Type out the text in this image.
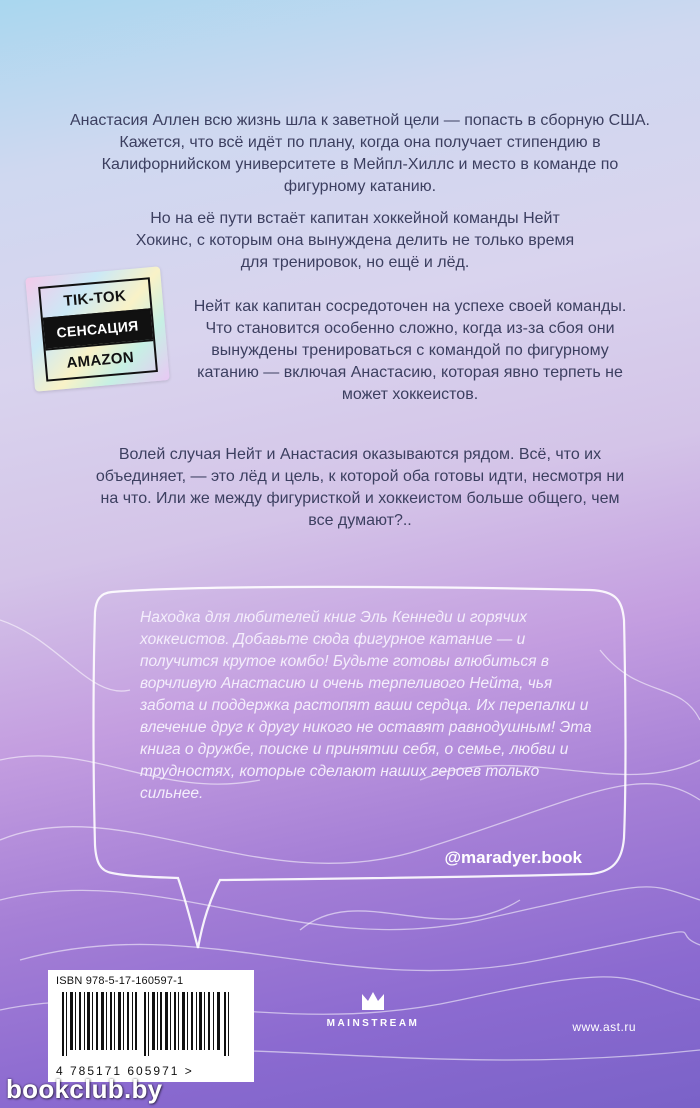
Анастасия Аллен всю жизнь шла к заветной цели — попасть в сборную США. Кажется, что всё идёт по плану, когда она получает стипендию в Калифорнийском университете в Мейпл-Хиллс и место в команде по фигурному катанию.

Но на её пути встаёт капитан хоккейной команды Нейт Хокинс, с которым она вынуждена делить не только время для тренировок, но ещё и лёд.

Нейт как капитан сосредоточен на успехе своей команды. Что становится особенно сложно, когда из-за сбоя они вынуждены тренироваться с командой по фигурному катанию — включая Анастасию, которая явно терпеть не может хоккеистов.

Волей случая Нейт и Анастасия оказываются рядом. Всё, что их объединяет, — это лёд и цель, к которой оба готовы идти, несмотря ни на что. Или же между фигуристкой и хоккеистом больше общего, чем все думают?..

TIK-TOK
СЕНСАЦИЯ
AMAZON

Находка для любителей книг Эль Кеннеди и горячих хоккеистов. Добавьте сюда фигурное катание — и получится крутое комбо! Будьте готовы влюбиться в ворчливую Анастасию и очень терпеливого Нейта, чья забота и поддержка растопят ваши сердца. Их перепалки и влечение друг к другу никого не оставят равнодушным! Эта книга о дружбе, поиске и принятии себя, о семье, любви и трудностях, которые сделают наших героев только сильнее.

@maradyer.book
ISBN 978-5-17-160597-1
4 785171 605971 >
MAINSTREAM	www.ast.ru
bookclub.by
